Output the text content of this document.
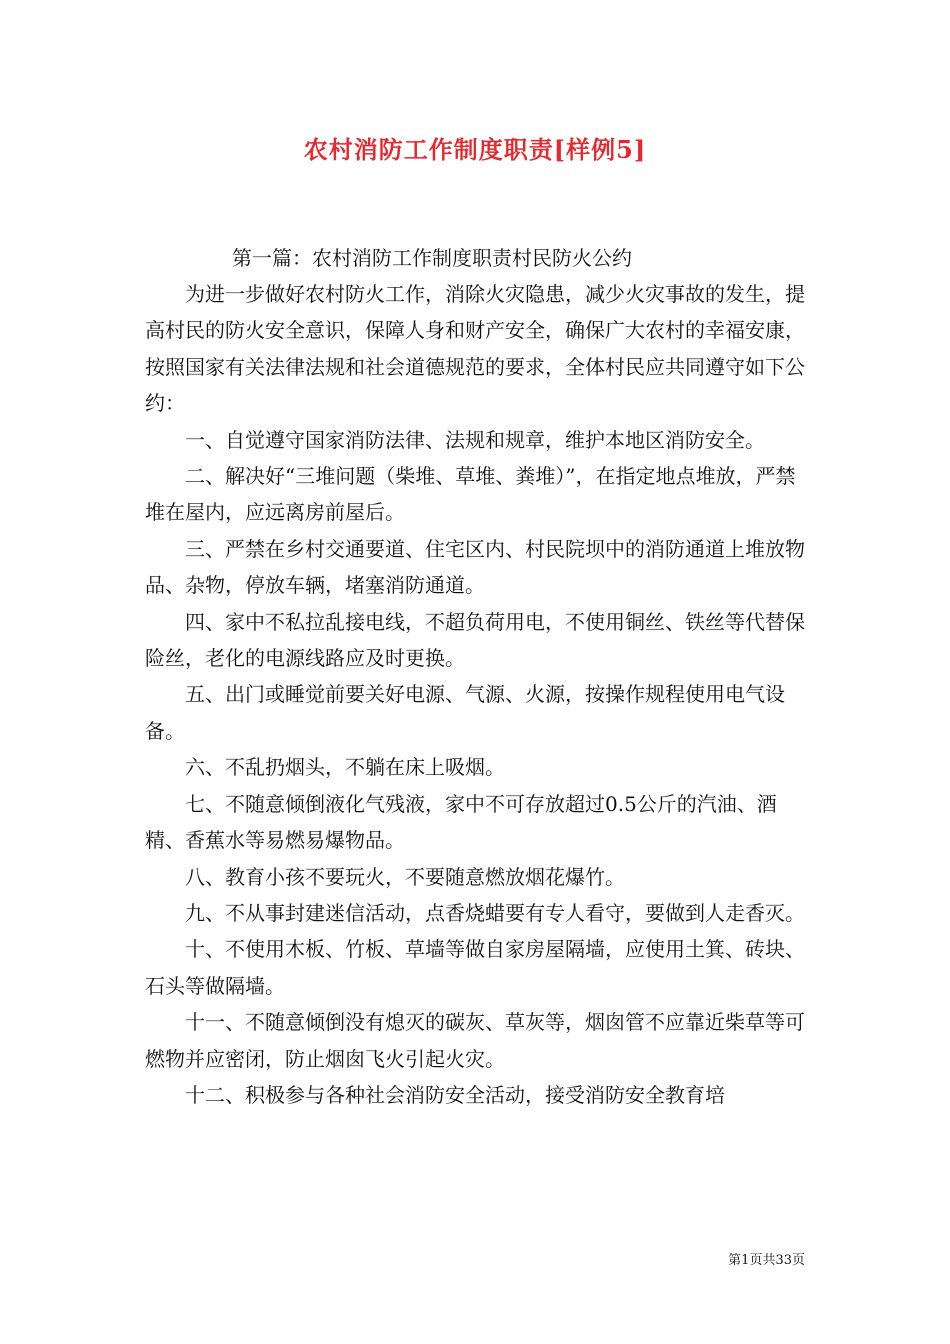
农村消防工作制度职责[样例5]
第一篇：农村消防工作制度职责村民防火公约

为进一步做好农村防火工作，消除火灾隐患，减少火灾事故的发生，提高村民的防火安全意识，保障人身和财产安全，确保广大农村的幸福安康，按照国家有关法律法规和社会道德规范的要求，全体村民应共同遵守如下公约：

一、自觉遵守国家消防法律、法规和规章，维护本地区消防安全。

二、解决好“三堆问题（柴堆、草堆、粪堆）”，在指定地点堆放，严禁堆在屋内，应远离房前屋后。

三、严禁在乡村交通要道、住宅区内、村民院坝中的消防通道上堆放物品、杂物，停放车辆，堵塞消防通道。

四、家中不私拉乱接电线，不超负荷用电，不使用铜丝、铁丝等代替保险丝，老化的电源线路应及时更换。

五、出门或睡觉前要关好电源、气源、火源，按操作规程使用电气设备。

六、不乱扔烟头，不躺在床上吸烟。

七、不随意倾倒液化气残液，家中不可存放超过0.5公斤的汽油、酒精、香蕉水等易燃易爆物品。

八、教育小孩不要玩火，不要随意燃放烟花爆竹。

九、不从事封建迷信活动，点香烧蜡要有专人看守，要做到人走香灭。

十、不使用木板、竹板、草墙等做自家房屋隔墙，应使用土箕、砖块、石头等做隔墙。

十一、不随意倾倒没有熄灭的碳灰、草灰等，烟囱管不应靠近柴草等可燃物并应密闭，防止烟囱飞火引起火灾。

十二、积极参与各种社会消防安全活动，接受消防安全教育培

第1页共33页
